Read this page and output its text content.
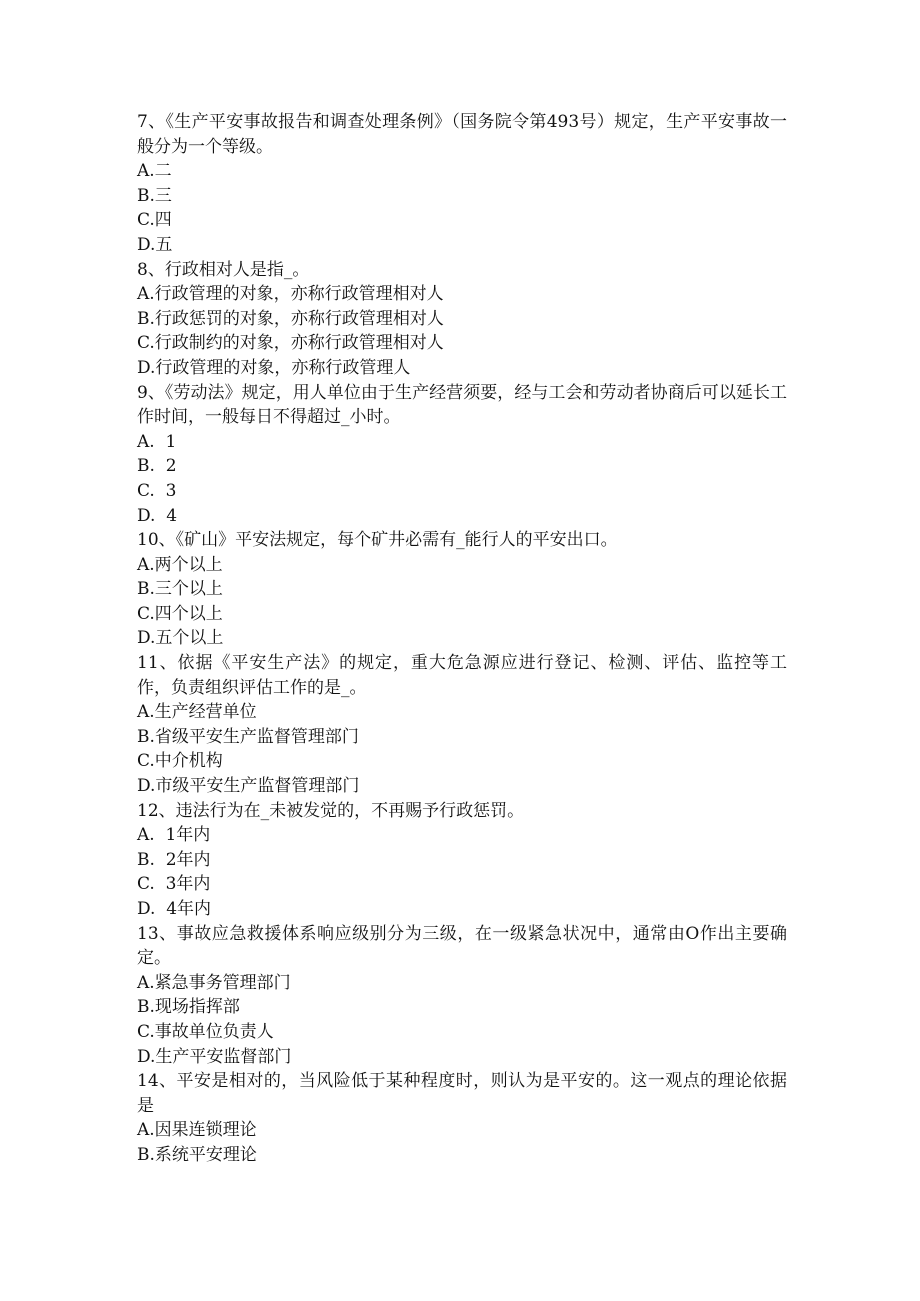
7、《生产平安事故报告和调查处理条例》（国务院令第493号）规定，生产平安事故一般分为一个等级。
A.二
B.三
C.四
D.五
8、行政相对人是指_。
A.行政管理的对象，亦称行政管理相对人
B.行政惩罚的对象，亦称行政管理相对人
C.行政制约的对象，亦称行政管理相对人
D.行政管理的对象，亦称行政管理人
9、《劳动法》规定，用人单位由于生产经营须要，经与工会和劳动者协商后可以延长工作时间，一般每日不得超过_小时。
A.  1
B.  2
C.  3
D.  4
10、《矿山》平安法规定，每个矿井必需有_能行人的平安出口。
A.两个以上
B.三个以上
C.四个以上
D.五个以上
11、依据《平安生产法》的规定，重大危急源应进行登记、检测、评估、监控等工作，负责组织评估工作的是_。
A.生产经营单位
B.省级平安生产监督管理部门
C.中介机构
D.市级平安生产监督管理部门
12、违法行为在_未被发觉的，不再赐予行政惩罚。
A.  1年内
B.  2年内
C.  3年内
D.  4年内
13、事故应急救援体系响应级别分为三级，在一级紧急状况中，通常由O作出主要确定。
A.紧急事务管理部门
B.现场指挥部
C.事故单位负责人
D.生产平安监督部门
14、平安是相对的，当风险低于某种程度时，则认为是平安的。这一观点的理论依据是
A.因果连锁理论
B.系统平安理论
